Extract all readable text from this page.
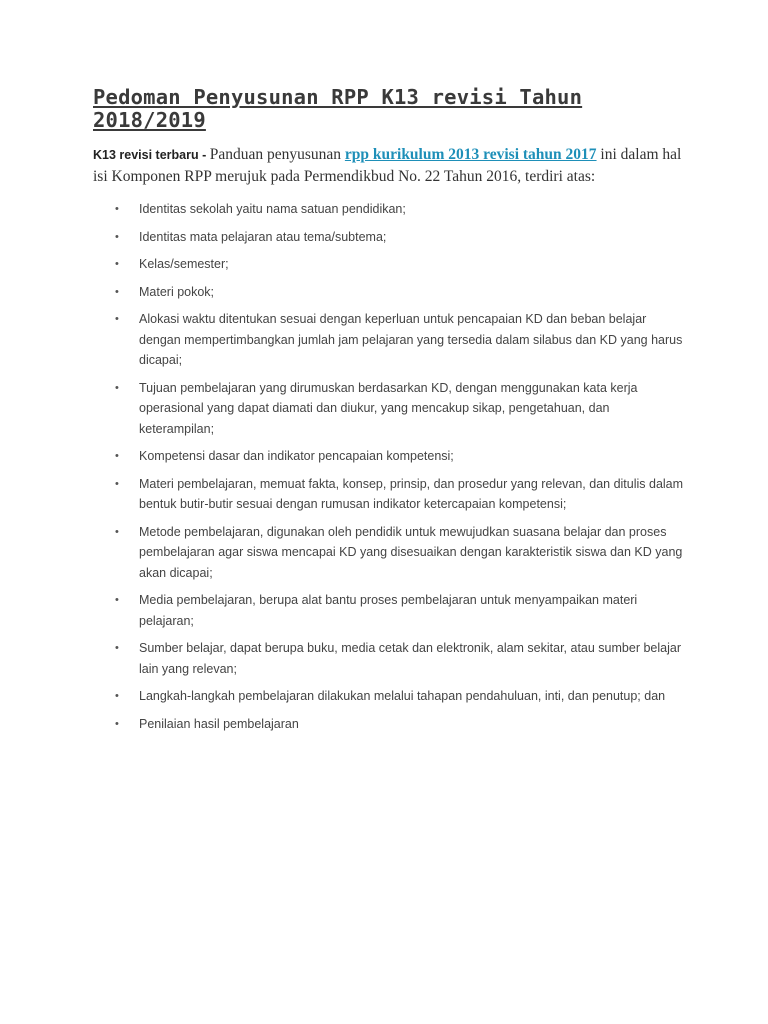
Pedoman Penyusunan RPP K13 revisi Tahun 2018/2019

K13 revisi terbaru - Panduan penyusunan rpp kurikulum 2013 revisi tahun 2017 ini dalam hal isi Komponen RPP merujuk pada Permendikbud No. 22 Tahun 2016, terdiri atas:

• Identitas sekolah yaitu nama satuan pendidikan;
• Identitas mata pelajaran atau tema/subtema;
• Kelas/semester;
• Materi pokok;
• Alokasi waktu ditentukan sesuai dengan keperluan untuk pencapaian KD dan beban belajar dengan mempertimbangkan jumlah jam pelajaran yang tersedia dalam silabus dan KD yang harus dicapai;
• Tujuan pembelajaran yang dirumuskan berdasarkan KD, dengan menggunakan kata kerja operasional yang dapat diamati dan diukur, yang mencakup sikap, pengetahuan, dan keterampilan;
• Kompetensi dasar dan indikator pencapaian kompetensi;
• Materi pembelajaran, memuat fakta, konsep, prinsip, dan prosedur yang relevan, dan ditulis dalam bentuk butir-butir sesuai dengan rumusan indikator ketercapaian kompetensi;
• Metode pembelajaran, digunakan oleh pendidik untuk mewujudkan suasana belajar dan proses pembelajaran agar siswa mencapai KD yang disesuaikan dengan karakteristik siswa dan KD yang akan dicapai;
• Media pembelajaran, berupa alat bantu proses pembelajaran untuk menyampaikan materi pelajaran;
• Sumber belajar, dapat berupa buku, media cetak dan elektronik, alam sekitar, atau sumber belajar lain yang relevan;
• Langkah-langkah pembelajaran dilakukan melalui tahapan pendahuluan, inti, dan penutup; dan
• Penilaian hasil pembelajaran
